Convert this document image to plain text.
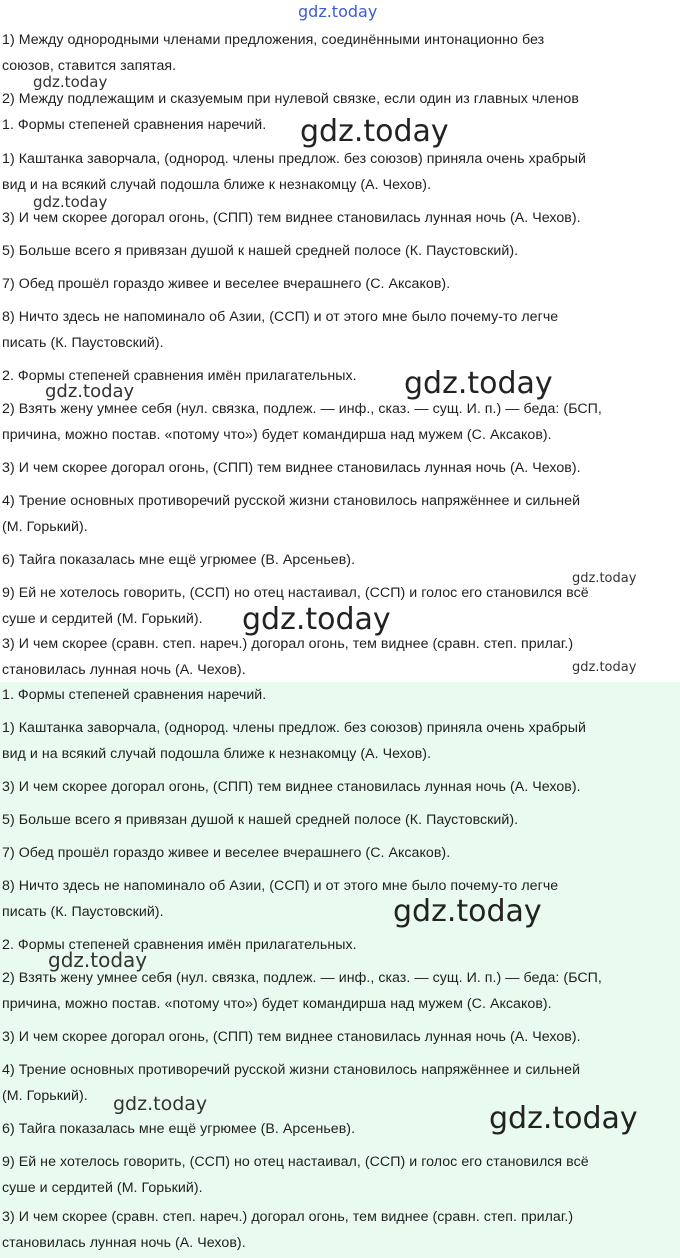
1) Между однородными членами предложения, соединёнными интонационно без
союзов, ставится запятая.
2) Между подлежащим и сказуемым при нулевой связке, если один из главных членов
1. Формы степеней сравнения наречий.
1) Каштанка заворчала, (однород. члены предлож. без союзов) приняла очень храбрый
вид и на всякий случай подошла ближе к незнакомцу (А. Чехов).
3) И чем скорее догорал огонь, (СПП) тем виднее становилась лунная ночь (А. Чехов).
5) Больше всего я привязан душой к нашей средней полосе (К. Паустовский).
7) Обед прошёл гораздо живее и веселее вчерашнего (С. Аксаков).
8) Ничто здесь не напоминало об Азии, (ССП) и от этого мне было почему-то легче
писать (К. Паустовский).
2. Формы степеней сравнения имён прилагательных.
2) Взять жену умнее себя (нул. связка, подлеж. — инф., сказ. — сущ. И. п.) — беда: (БСП,
причина, можно постав. «потому что») будет командирша над мужем (С. Аксаков).
3) И чем скорее догорал огонь, (СПП) тем виднее становилась лунная ночь (А. Чехов).
4) Трение основных противоречий русской жизни становилось напряжённее и сильней
(М. Горький).
6) Тайга показалась мне ещё угрюмее (В. Арсеньев).
9) Ей не хотелось говорить, (ССП) но отец настаивал, (ССП) и голос его становился всё
суше и сердитей (М. Горький).
3) И чем скорее (сравн. степ. нареч.) догорал огонь, тем виднее (сравн. степ. прилаг.)
становилась лунная ночь (А. Чехов).
1. Формы степеней сравнения наречий.
1) Каштанка заворчала, (однород. члены предлож. без союзов) приняла очень храбрый
вид и на всякий случай подошла ближе к незнакомцу (А. Чехов).
3) И чем скорее догорал огонь, (СПП) тем виднее становилась лунная ночь (А. Чехов).
5) Больше всего я привязан душой к нашей средней полосе (К. Паустовский).
7) Обед прошёл гораздо живее и веселее вчерашнего (С. Аксаков).
8) Ничто здесь не напоминало об Азии, (ССП) и от этого мне было почему-то легче
писать (К. Паустовский).
2. Формы степеней сравнения имён прилагательных.
2) Взять жену умнее себя (нул. связка, подлеж. — инф., сказ. — сущ. И. п.) — беда: (БСП,
причина, можно постав. «потому что») будет командирша над мужем (С. Аксаков).
3) И чем скорее догорал огонь, (СПП) тем виднее становилась лунная ночь (А. Чехов).
4) Трение основных противоречий русской жизни становилось напряжённее и сильней
(М. Горький).
6) Тайга показалась мне ещё угрюмее (В. Арсеньев).
9) Ей не хотелось говорить, (ССП) но отец настаивал, (ССП) и голос его становился всё
суше и сердитей (М. Горький).
3) И чем скорее (сравн. степ. нареч.) догорал огонь, тем виднее (сравн. степ. прилаг.)
становилась лунная ночь (А. Чехов).
gdz.today
gdz.today
gdz.today
gdz.today
gdz.today
gdz.today
gdz.today
gdz.today
gdz.today
gdz.today
gdz.today
gdz.today	gdz.today
